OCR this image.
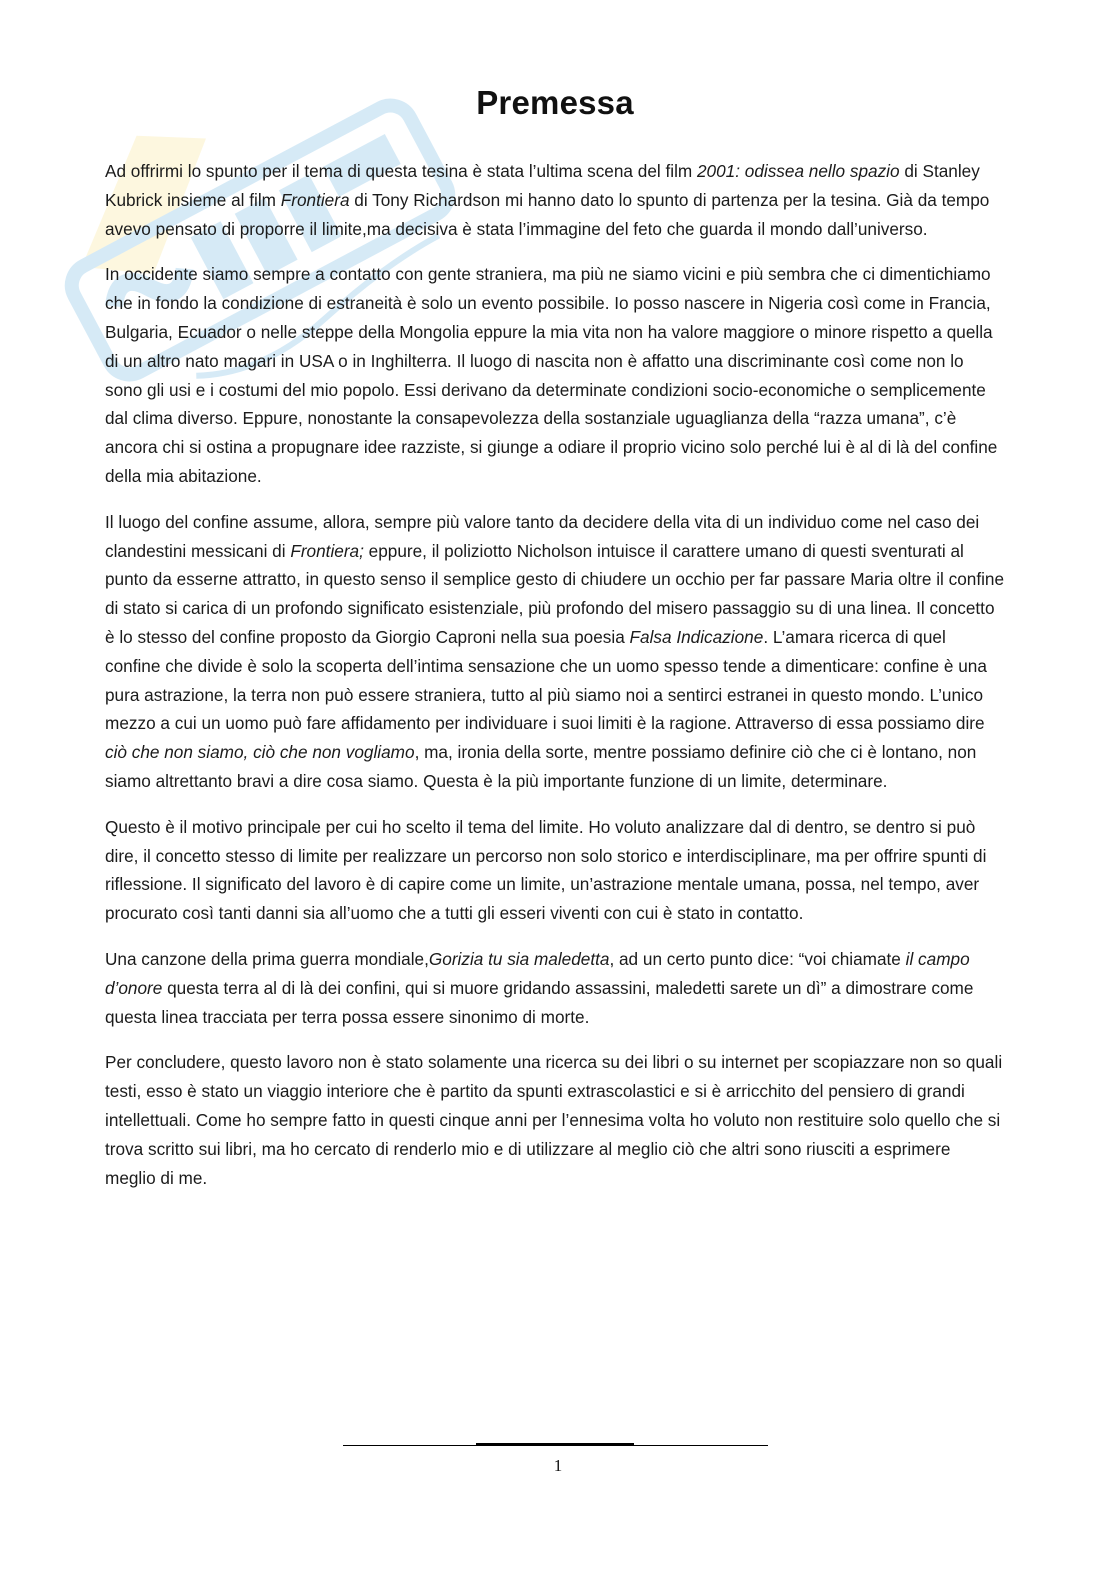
Premessa

Ad offrirmi lo spunto per il tema di questa tesina è stata l’ultima scena del film 2001: odissea nello spazio di Stanley Kubrick insieme al film Frontiera di Tony Richardson mi hanno dato lo spunto di partenza per la tesina. Già da tempo avevo pensato di proporre il limite,ma decisiva è stata l’immagine del feto che guarda il mondo dall’universo.

In occidente siamo sempre a contatto con gente straniera, ma più ne siamo vicini e più sembra che ci dimentichiamo che in fondo la condizione di estraneità è solo un evento possibile. Io posso nascere in Nigeria così come in Francia, Bulgaria, Ecuador o nelle steppe della Mongolia eppure la mia vita non ha valore maggiore o minore rispetto a quella di un altro nato magari in USA o in Inghilterra. Il luogo di nascita non è affatto una discriminante così come non lo sono gli usi e i costumi del mio popolo. Essi derivano da determinate condizioni socio-economiche o semplicemente dal clima diverso. Eppure, nonostante la consapevolezza della sostanziale uguaglianza della “razza umana”, c’è ancora chi si ostina a propugnare idee razziste, si giunge a odiare il proprio vicino solo perché lui è al di là del confine della mia abitazione.

Il luogo del confine assume, allora, sempre più valore tanto da decidere della vita di un individuo come nel caso dei clandestini messicani di Frontiera; eppure, il poliziotto Nicholson intuisce il carattere umano di questi sventurati al punto da esserne attratto, in questo senso il semplice gesto di chiudere un occhio per far passare Maria oltre il confine di stato si carica di un profondo significato esistenziale, più profondo del misero passaggio su di una linea. Il concetto è lo stesso del confine proposto da Giorgio Caproni nella sua poesia Falsa Indicazione. L’amara ricerca di quel confine che divide è solo la scoperta dell’intima sensazione che un uomo spesso tende a dimenticare: confine è una pura astrazione, la terra non può essere straniera, tutto al più siamo noi a sentirci estranei in questo mondo. L’unico mezzo a cui un uomo può fare affidamento per individuare i suoi limiti è la ragione. Attraverso di essa possiamo dire ciò che non siamo, ciò che non vogliamo, ma, ironia della sorte, mentre possiamo definire ciò che ci è lontano, non siamo altrettanto bravi a dire cosa siamo. Questa è la più importante funzione di un limite, determinare.

Questo è il motivo principale per cui ho scelto il tema del limite. Ho voluto analizzare dal di dentro, se dentro si può dire, il concetto stesso di limite per realizzare un percorso non solo storico e interdisciplinare, ma per offrire spunti di riflessione. Il significato del lavoro è di capire come un limite, un’astrazione mentale umana, possa, nel tempo, aver procurato così tanti danni sia all’uomo che a tutti gli esseri viventi con cui è stato in contatto.

Una canzone della prima guerra mondiale,Gorizia tu sia maledetta, ad un certo punto dice: “voi chiamate il campo d’onore questa terra al di là dei confini, qui si muore gridando assassini, maledetti sarete un dì” a dimostrare come questa linea tracciata per terra possa essere sinonimo di morte.

Per concludere, questo lavoro non è stato solamente una ricerca su dei libri o su internet per scopiazzare non so quali testi, esso è stato un viaggio interiore che è partito da spunti extrascolastici e si è arricchito del pensiero di grandi intellettuali. Come ho sempre fatto in questi cinque anni per l’ennesima volta ho voluto non restituire solo quello che si trova scritto sui libri, ma ho cercato di renderlo mio e di utilizzare al meglio ciò che altri sono riusciti a esprimere meglio di me.

1
